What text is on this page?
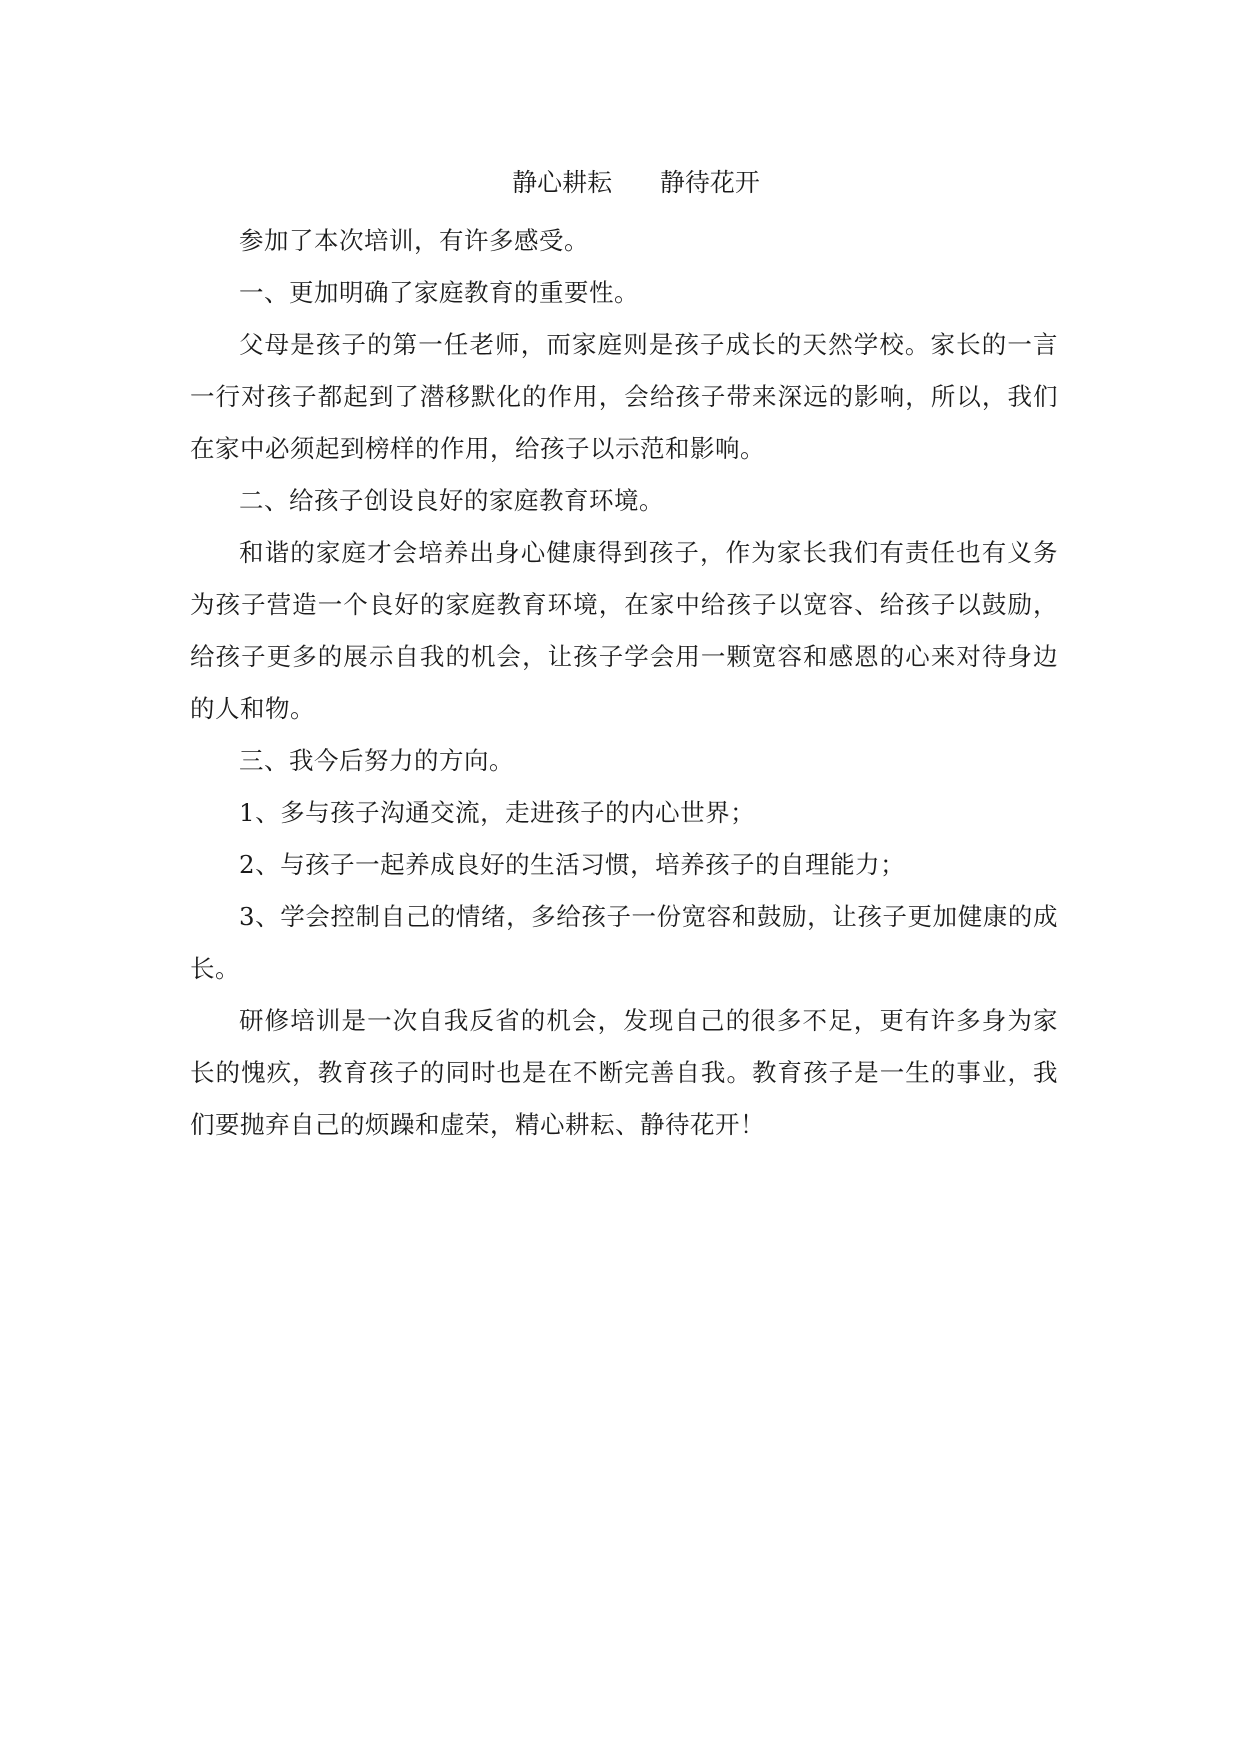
静心耕耘      静待花开

参加了本次培训，有许多感受。

一、更加明确了家庭教育的重要性。

父母是孩子的第一任老师，而家庭则是孩子成长的天然学校。家长的一言一行对孩子都起到了潜移默化的作用，会给孩子带来深远的影响，所以，我们在家中必须起到榜样的作用，给孩子以示范和影响。

二、给孩子创设良好的家庭教育环境。

和谐的家庭才会培养出身心健康得到孩子，作为家长我们有责任也有义务为孩子营造一个良好的家庭教育环境，在家中给孩子以宽容、给孩子以鼓励，给孩子更多的展示自我的机会，让孩子学会用一颗宽容和感恩的心来对待身边的人和物。

三、我今后努力的方向。

1、多与孩子沟通交流，走进孩子的内心世界；

2、与孩子一起养成良好的生活习惯，培养孩子的自理能力；

3、学会控制自己的情绪，多给孩子一份宽容和鼓励，让孩子更加健康的成长。

研修培训是一次自我反省的机会，发现自己的很多不足，更有许多身为家长的愧疚，教育孩子的同时也是在不断完善自我。教育孩子是一生的事业，我们要抛弃自己的烦躁和虚荣，精心耕耘、静待花开！
